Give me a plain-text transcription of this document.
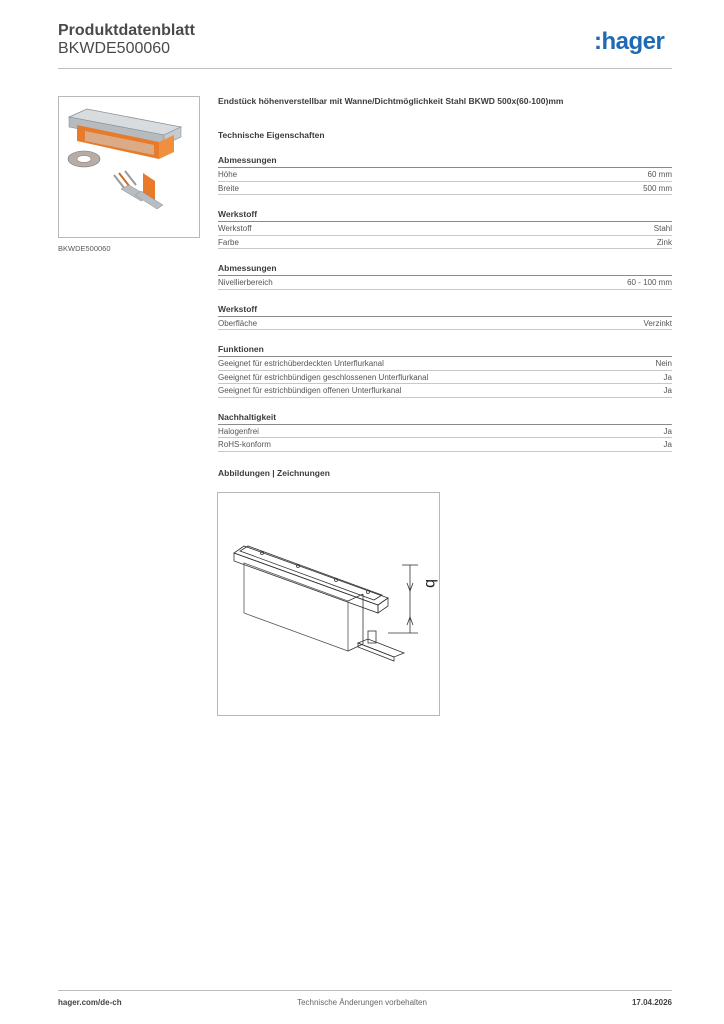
Produktdatenblatt
BKWDE500060	:hager
BKWDE500060
Endstück höhenverstellbar mit Wanne/Dichtmöglichkeit Stahl BKWD 500x(60-100)mm
Technische Eigenschaften
Abmessungen
Höhe	60 mm
Breite	500 mm
Werkstoff
Werkstoff	Stahl
Farbe	Zink
Abmessungen
Nivellierbereich	60 - 100 mm
Werkstoff
Oberfläche	Verzinkt
Funktionen
Geeignet für estrichüberdeckten Unterflurkanal	Nein
Geeignet für estrichbündigen geschlossenen Unterflurkanal	Ja
Geeignet für estrichbündigen offenen Unterflurkanal	Ja
Nachhaltigkeit
Halogenfrei	Ja
RoHS-konform	Ja
Abbildungen | Zeichnungen
b
hager.com/de-ch	Technische Änderungen vorbehalten	17.04.2026
